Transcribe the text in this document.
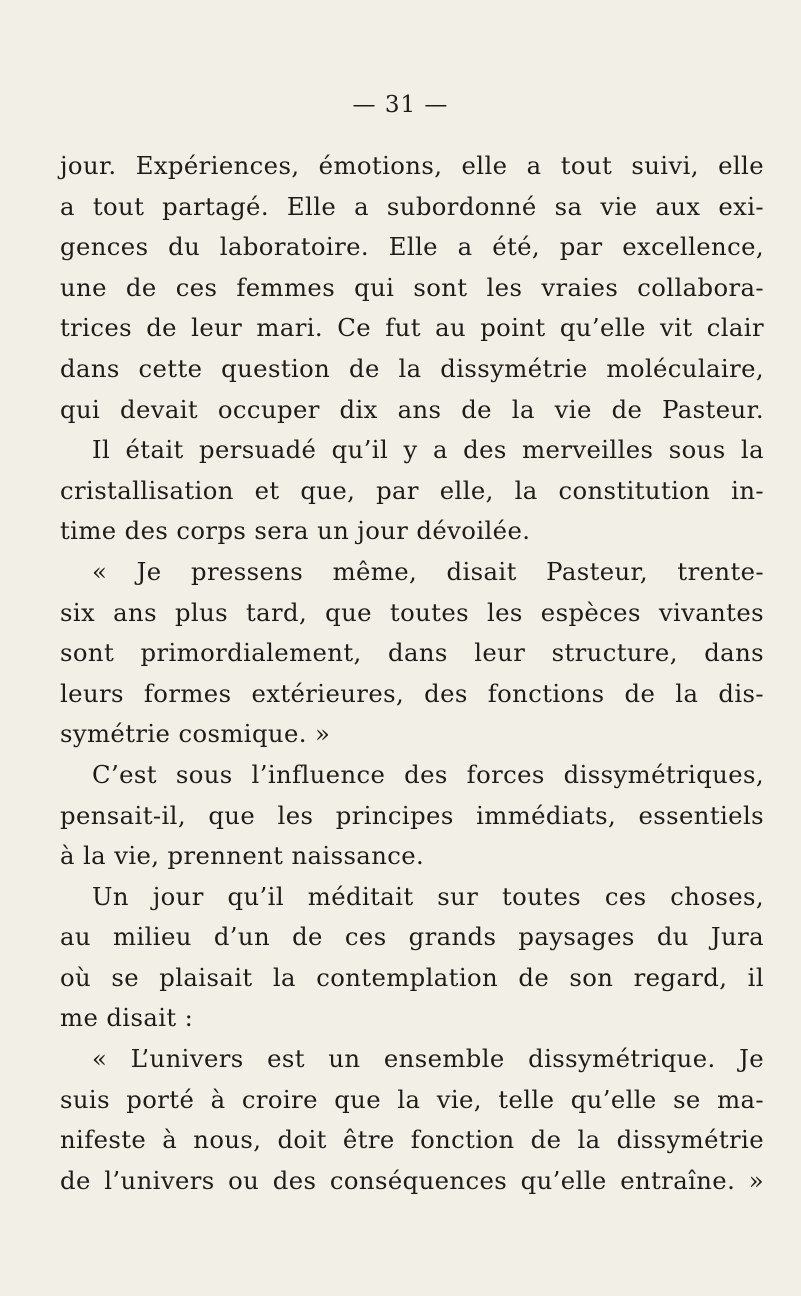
— 31 —
jour. Expériences, émotions, elle a tout suivi, elle
a tout partagé. Elle a subordonné sa vie aux exi-
gences du laboratoire. Elle a été, par excellence,
une de ces femmes qui sont les vraies collabora-
trices de leur mari. Ce fut au point qu’elle vit clair
dans cette question de la dissymétrie moléculaire,
qui devait occuper dix ans de la vie de Pasteur.
Il était persuadé qu’il y a des merveilles sous la
cristallisation et que, par elle, la constitution in-
time des corps sera un jour dévoilée.
« Je pressens même, disait Pasteur, trente-
six ans plus tard, que toutes les espèces vivantes
sont primordialement, dans leur structure, dans
leurs formes extérieures, des fonctions de la dis-
symétrie cosmique. »
C’est sous l’influence des forces dissymétriques,
pensait-il, que les principes immédiats, essentiels
à la vie, prennent naissance.
Un jour qu’il méditait sur toutes ces choses,
au milieu d’un de ces grands paysages du Jura
où se plaisait la contemplation de son regard, il
me disait :
« L’univers est un ensemble dissymétrique. Je
suis porté à croire que la vie, telle qu’elle se ma-
nifeste à nous, doit être fonction de la dissymétrie
de l’univers ou des conséquences qu’elle entraîne. »
